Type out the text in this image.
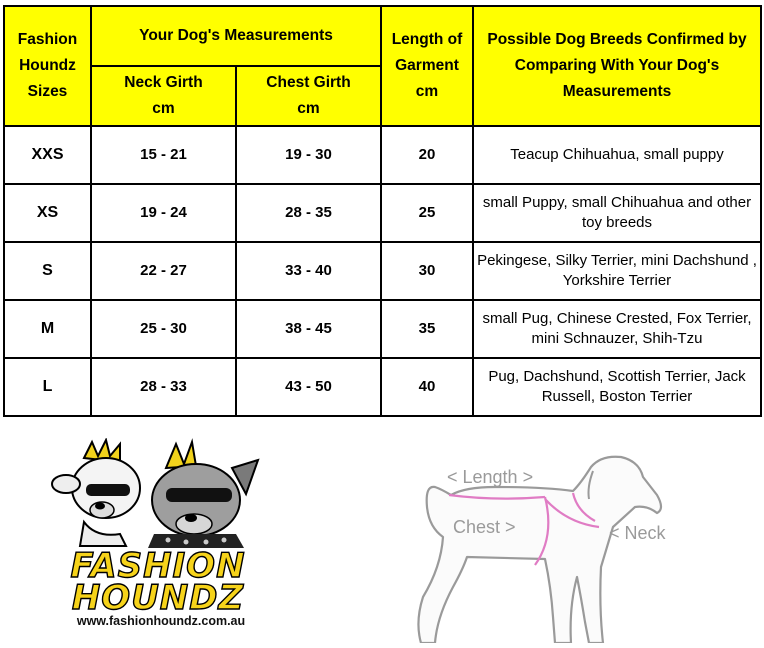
Fashion Houndz Sizes	Your Dog's Measurements		Length of Garment cm	Possible Dog Breeds Confirmed by Comparing With Your Dog's Measurements
	Neck Girth cm	Chest Girth cm		
XXS	15 - 21	19 - 30	20	Teacup Chihuahua, small puppy
XS	19 - 24	28 - 35	25	small Puppy, small Chihuahua and other toy breeds
S	22 - 27	33 - 40	30	Pekingese, Silky Terrier, mini Dachshund , Yorkshire Terrier
M	25 - 30	38 - 45	35	small Pug, Chinese Crested, Fox Terrier, mini Schnauzer, Shih-Tzu
L	28 - 33	43 - 50	40	Pug, Dachshund, Scottish Terrier, Jack Russell, Boston Terrier
FASHION
HOUNDZ
www.fashionhoundz.com.au
< Length >
Chest >	< Neck
